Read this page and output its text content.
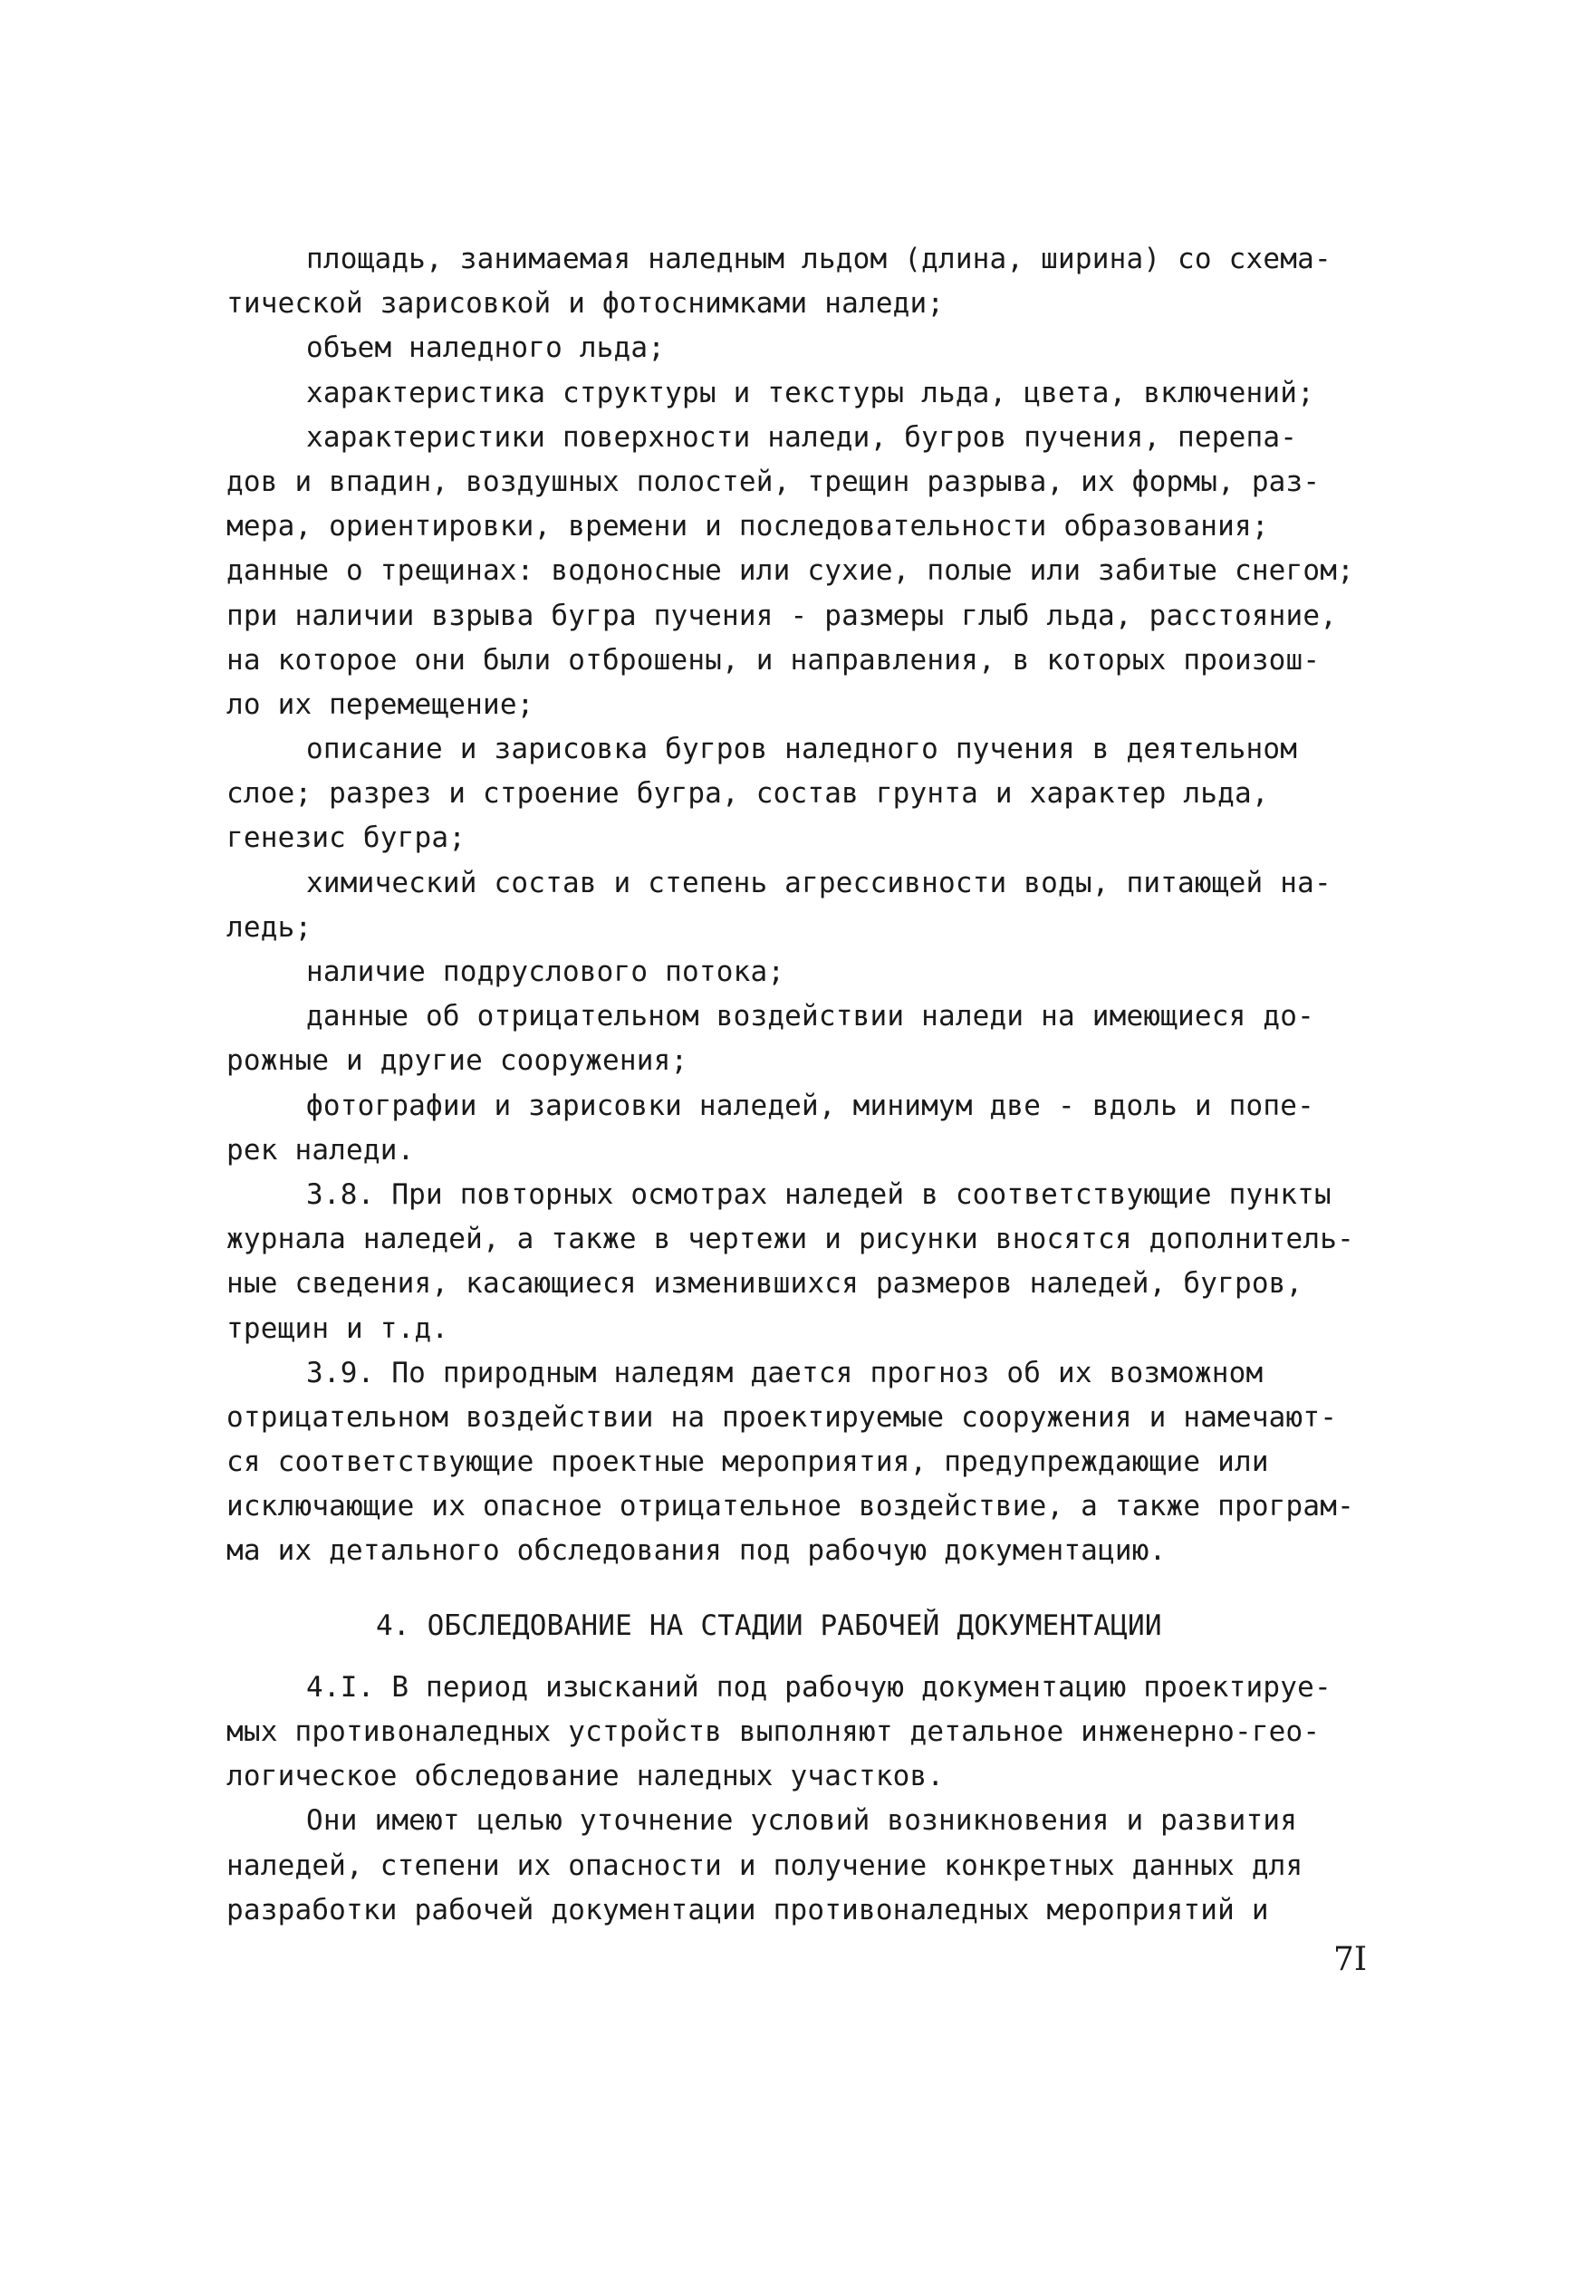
площадь, занимаемая наледным льдом (длина, ширина) со схема-
тической зарисовкой и фотоснимками наледи;
объем наледного льда;
характеристика структуры и текстуры льда, цвета, включений;
характеристики поверхности наледи, бугров пучения, перепа-
дов и впадин, воздушных полостей, трещин разрыва, их формы, раз-
мера, ориентировки, времени и последовательности образования;
данные о трещинах: водоносные или сухие, полые или забитые снегом;
при наличии взрыва бугра пучения - размеры глыб льда, расстояние,
на которое они были отброшены, и направления, в которых произош-
ло их перемещение;
описание и зарисовка бугров наледного пучения в деятельном
слое; разрез и строение бугра, состав грунта и характер льда,
генезис бугра;
химический состав и степень агрессивности воды, питающей на-
ледь;
наличие подруслового потока;
данные об отрицательном воздействии наледи на имеющиеся до-
рожные и другие сооружения;
фотографии и зарисовки наледей, минимум две - вдоль и попе-
рек наледи.
3.8. При повторных осмотрах наледей в соответствующие пункты
журнала наледей, а также в чертежи и рисунки вносятся дополнитель-
ные сведения, касающиеся изменившихся размеров наледей, бугров,
трещин и т.д.
3.9. По природным наледям дается прогноз об их возможном
отрицательном воздействии на проектируемые сооружения и намечают-
ся соответствующие проектные мероприятия, предупреждающие или
исключающие их опасное отрицательное воздействие, а также програм-
ма их детального обследования под рабочую документацию.
4. ОБСЛЕДОВАНИЕ НА СТАДИИ РАБОЧЕЙ ДОКУМЕНТАЦИИ
4.I. В период изысканий под рабочую документацию проектируе-
мых противоналедных устройств выполняют детальное инженерно-гео-
логическое обследование наледных участков.
Они имеют целью уточнение условий возникновения и развития
наледей, степени их опасности и получение конкретных данных для
разработки рабочей документации противоналедных мероприятий и
7I
